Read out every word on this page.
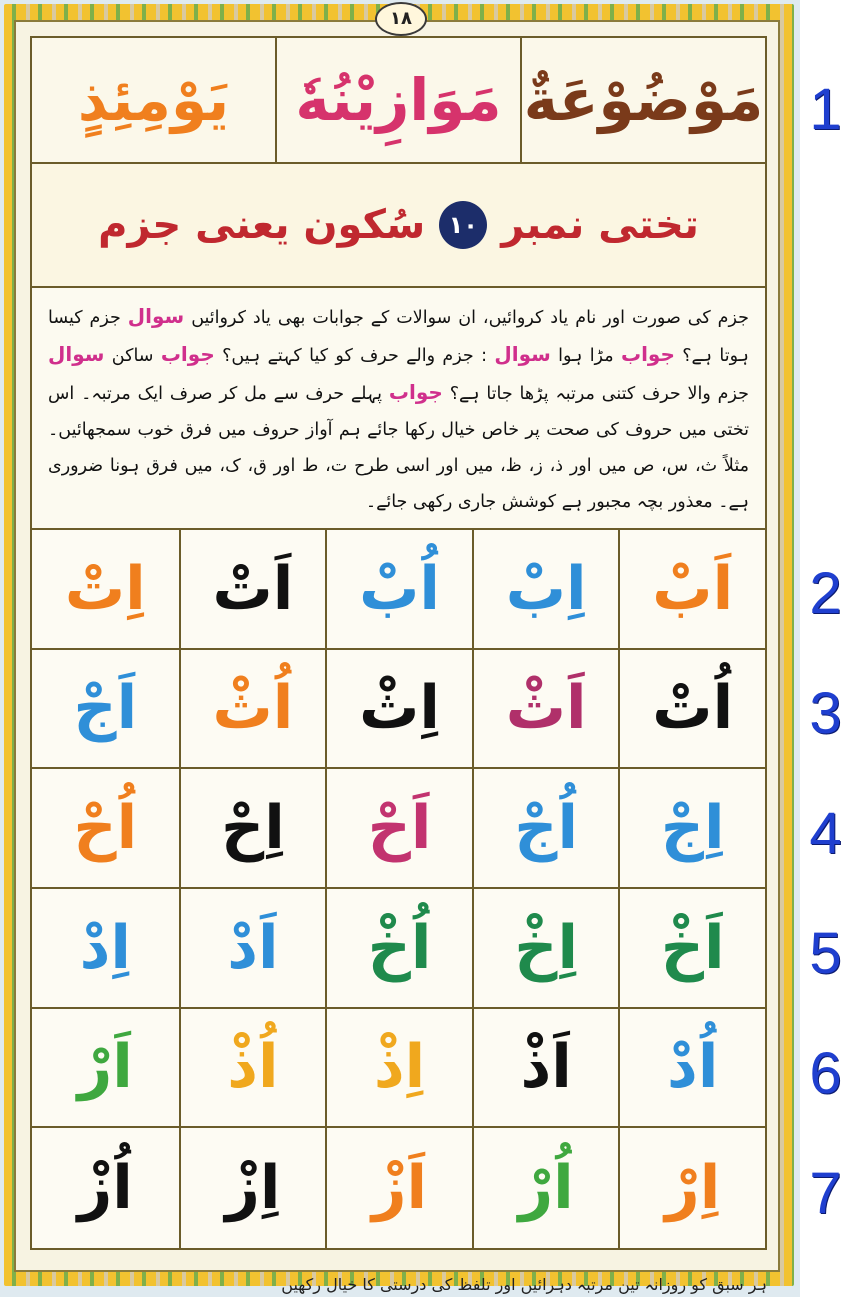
۱۸
مَوْضُوْعَةٌ
مَوَازِيْنُهٗ
يَوْمِئِذٍ
تختی نمبر
۱۰
سُکون یعنی جزم
جزم کی صورت اور نام یاد کروائیں، ان سوالات کے جوابات بھی یاد کروائیں سوال جزم کیسا ہوتا ہے؟ جواب مڑا ہوا سوال : جزم والے حرف کو کیا کہتے ہیں؟ جواب ساکن سوال جزم والا حرف کتنی مرتبہ پڑھا جاتا ہے؟ جواب پہلے حرف سے مل کر صرف ایک مرتبہ۔ اس تختی میں حروف کی صحت پر خاص خیال رکھا جائے ہم آواز حروف میں فرق خوب سمجھائیں۔ مثلاً ث، س، ص میں اور ذ، ز، ظ، میں اور اسی طرح ت، ط اور ق، ک، میں فرق ہونا ضروری ہے۔ معذور بچہ مجبور ہے کوشش جاری رکھی جائے۔
اَبْ
اِبْ
اُبْ
اَتْ
اِتْ
اُتْ
اَثْ
اِثْ
اُثْ
اَجْ
اِجْ
اُجْ
اَحْ
اِحْ
اُحْ
اَخْ
اِخْ
اُخْ
اَدْ
اِدْ
اُدْ
اَذْ
اِذْ
اُذْ
اَرْ
اِرْ
اُرْ
اَزْ
اِزْ
اُزْ
ہر سبق کو روزانہ تین مرتبہ دہرائیں اور تلفظ کی درستی کا خیال رکھیں
1
2
3
4
5
6
7
